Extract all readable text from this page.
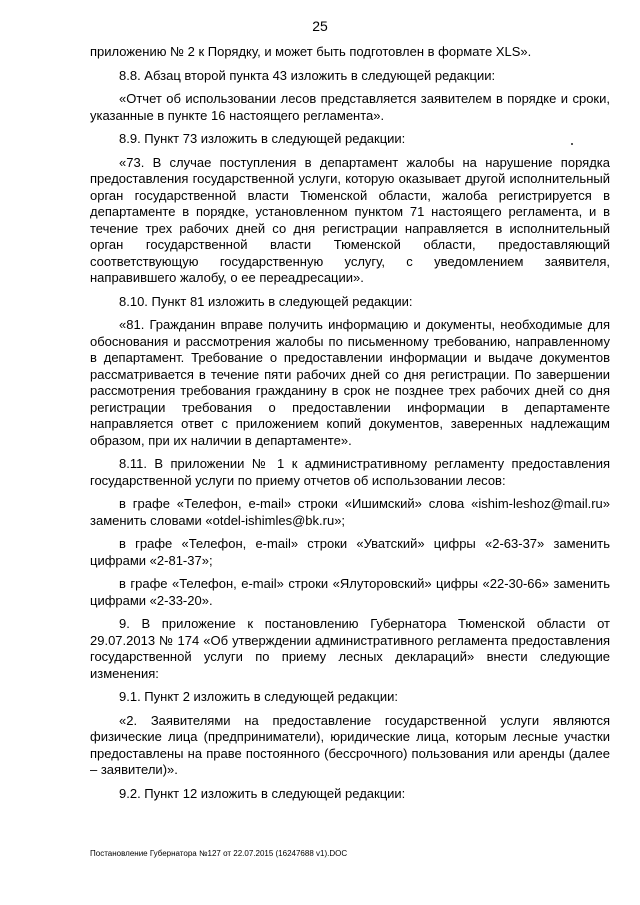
25

приложению № 2 к Порядку, и может быть подготовлен в формате XLS».

8.8. Абзац второй пункта 43 изложить в следующей редакции:

«Отчет об использовании лесов представляется заявителем в порядке и сроки, указанные в пункте 16 настоящего регламента».

8.9. Пункт 73 изложить в следующей редакции:

«73. В случае поступления в департамент жалобы на нарушение порядка предоставления государственной услуги, которую оказывает другой исполнительный орган государственной власти Тюменской области, жалоба регистрируется в департаменте в порядке, установленном пунктом 71 настоящего регламента, и в течение трех рабочих дней со дня регистрации направляется в исполнительный орган государственной власти Тюменской области, предоставляющий соответствующую государственную услугу, с уведомлением заявителя, направившего жалобу, о ее переадресации».

8.10. Пункт 81 изложить в следующей редакции:

«81. Гражданин вправе получить информацию и документы, необходимые для обоснования и рассмотрения жалобы по письменному требованию, направленному в департамент. Требование о предоставлении информации и выдаче документов рассматривается в течение пяти рабочих дней со дня регистрации. По завершении рассмотрения требования гражданину в срок не позднее трех рабочих дней со дня регистрации требования о предоставлении информации в департаменте направляется ответ с приложением копий документов, заверенных надлежащим образом, при их наличии в департаменте».

8.11. В приложении № 1 к административному регламенту предоставления государственной услуги по приему отчетов об использовании лесов:

в графе «Телефон, e-mail» строки «Ишимский» слова «ishim-leshoz@mail.ru» заменить словами «otdel-ishimles@bk.ru»;

в графе «Телефон, e-mail» строки «Уватский» цифры «2-63-37» заменить цифрами «2-81-37»;

в графе «Телефон, e-mail» строки «Ялуторовский» цифры «22-30-66» заменить цифрами «2-33-20».

9. В приложение к постановлению Губернатора Тюменской области от 29.07.2013 № 174 «Об утверждении административного регламента предоставления государственной услуги по приему лесных деклараций» внести следующие изменения:

9.1. Пункт 2 изложить в следующей редакции:

«2. Заявителями на предоставление государственной услуги являются физические лица (предприниматели), юридические лица, которым лесные участки предоставлены на праве постоянного (бессрочного) пользования или аренды (далее – заявители)».

9.2. Пункт 12 изложить в следующей редакции:

Постановление Губернатора №127 от 22.07.2015 (16247688 v1).DOC
